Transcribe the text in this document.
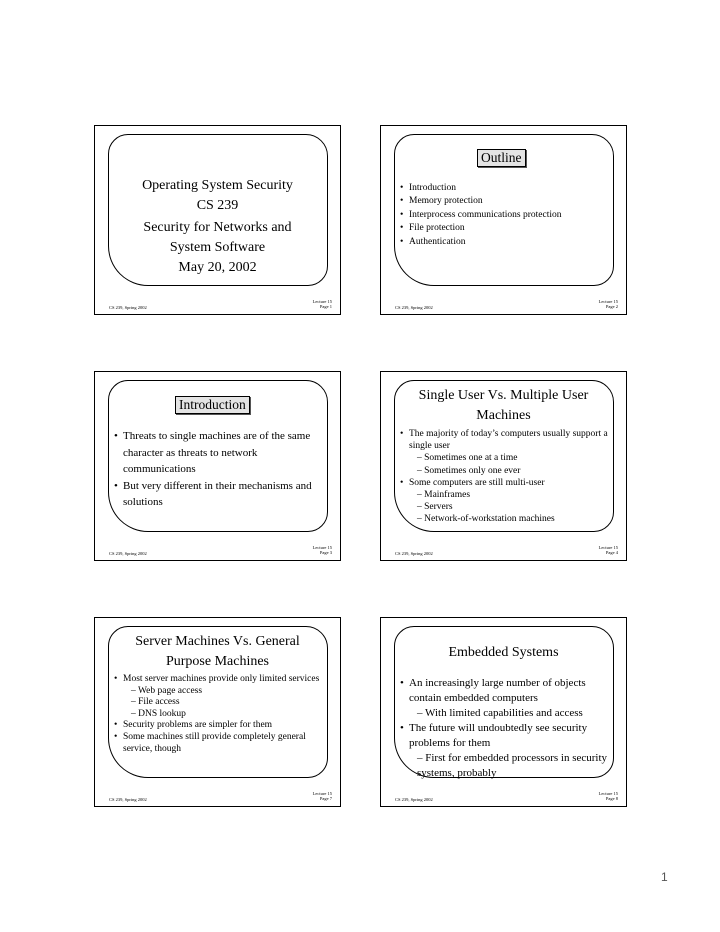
Operating System Security
CS 239
Security for Networks and
System Software
May 20, 2002
Lecture 15
Page 1
CS 239, Spring 2002
Outline
• Introduction
• Memory protection
• Interprocess communications protection
• File protection
• Authentication
Lecture 15
Page 2
CS 239, Spring 2002
Introduction
• Threats to single machines are of the same character as threats to network communications
• But very different in their mechanisms and solutions
Lecture 15
Page 3
CS 239, Spring 2002
Single User Vs. Multiple User
Machines
• The majority of today’s computers usually support a single user
– Sometimes one at a time
– Sometimes only one ever
• Some computers are still multi-user
– Mainframes
– Servers
– Network-of-workstation machines
Lecture 15
Page 4
CS 239, Spring 2002
Server Machines Vs. General
Purpose Machines
• Most server machines provide only limited services
– Web page access
– File access
– DNS lookup
• Security problems are simpler for them
• Some machines still provide completely general service, though
Lecture 15
Page 7
CS 239, Spring 2002
Embedded Systems
• An increasingly large number of objects contain embedded computers
– With limited capabilities and access
• The future will undoubtedly see security problems for them
– First for embedded processors in security systems, probably
Lecture 15
Page 8
CS 239, Spring 2002
1
